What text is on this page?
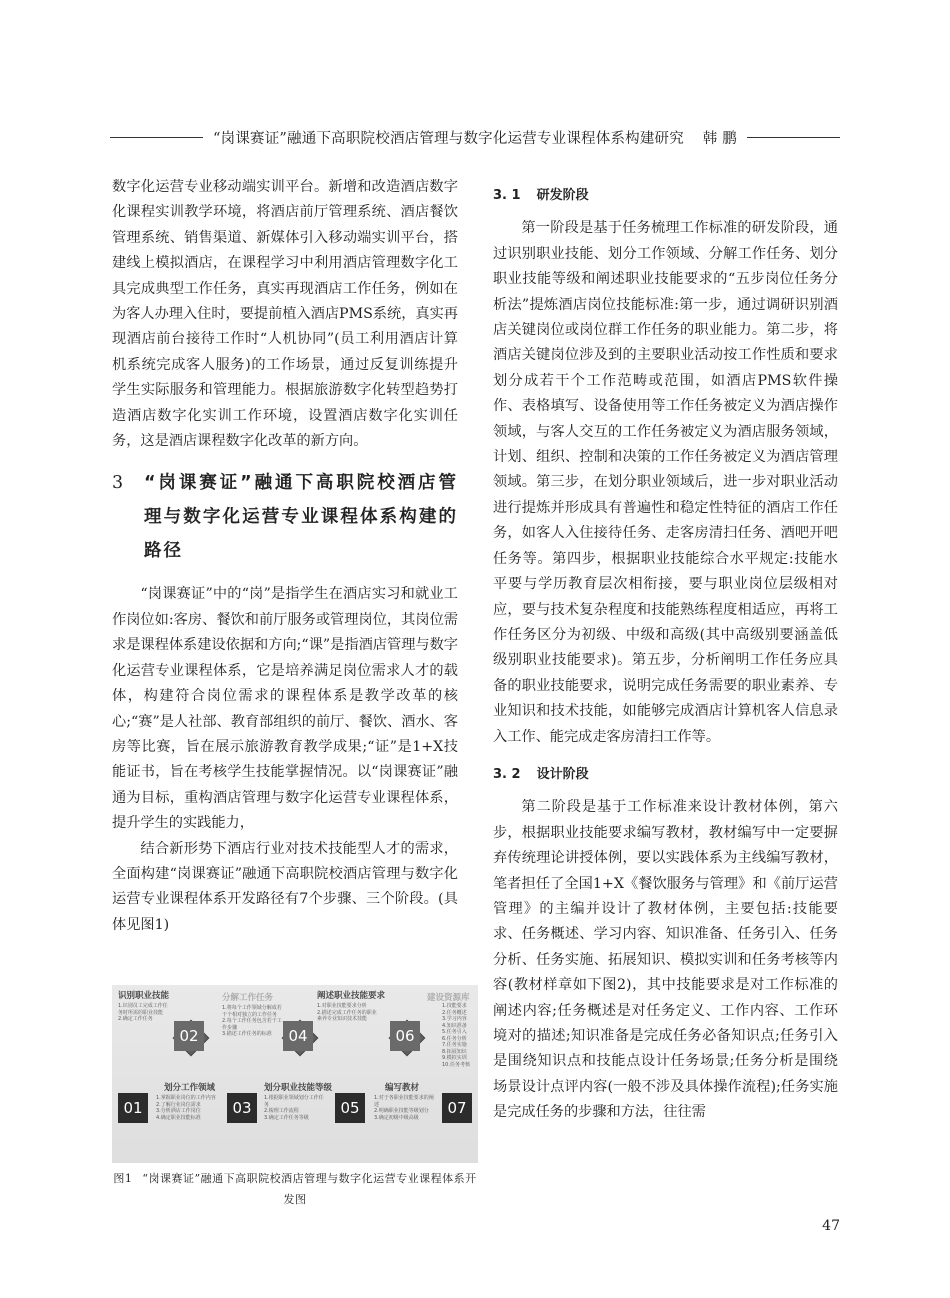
“岗课赛证”融通下高职院校酒店管理与数字化运营专业课程体系构建研究 韩 鹏

数字化运营专业移动端实训平台。新增和改造酒店数字化课程实训教学环境，将酒店前厅管理系统、酒店餐饮管理系统、销售渠道、新媒体引入移动端实训平台，搭建线上模拟酒店，在课程学习中利用酒店管理数字化工具完成典型工作任务，真实再现酒店工作任务，例如在为客人办理入住时，要提前植入酒店PMS系统，真实再现酒店前台接待工作时“人机协同”(员工利用酒店计算机系统完成客人服务)的工作场景，通过反复训练提升学生实际服务和管理能力。根据旅游数字化转型趋势打造酒店数字化实训工作环境，设置酒店数字化实训任务，这是酒店课程数字化改革的新方向。

3	“岗课赛证”融通下高职院校酒店管理与数字化运营专业课程体系构建的路径

“岗课赛证”中的“岗”是指学生在酒店实习和就业工作岗位如:客房、餐饮和前厅服务或管理岗位，其岗位需求是课程体系建设依据和方向;“课”是指酒店管理与数字化运营专业课程体系，它是培养满足岗位需求人才的载体，构建符合岗位需求的课程体系是教学改革的核心;“赛”是人社部、教育部组织的前厅、餐饮、酒水、客房等比赛，旨在展示旅游教育教学成果;“证”是1+X技能证书，旨在考核学生技能掌握情况。以“岗课赛证”融通为目标，重构酒店管理与数字化运营专业课程体系，提升学生的实践能力，

结合新形势下酒店行业对技术技能型人才的需求，全面构建“岗课赛证”融通下高职院校酒店管理与数字化运营专业课程体系开发路径有7个步骤、三个阶段。(具体见图1)

识别职业技能	分解工作任务	阐述职业技能要求	建设资源库
1.识别员工完成工作任务时所需的职业技能
2.确定工作任务
1.将每个工作领域分解成若干个相对独立的工作任务
2.每个工作任务包含若干工作步骤
3.描述工作任务的标准
1.对职业技能要求分析
2.描述完成工作任务的职业素养专业知识技术技能
1.技能要求
2.任务概述
3.学习内容
4.知识准备
5.任务引入
6.任务分析
7.任务实施
8.拓展知识
9.模拟实训
10.任务考核
02	04	06
划分工作领域	划分职业技能等级	编写教材
01	03	05	07
1.掌握职业岗位的工作内容
2.了解行业岗位需求
3.分析酒店工作岗位
4.确定职业技能标准
1.根据职业领域划分工作任务
2.梳理工作流程
3.确定工作任务等级
1.对于各职业技能要求的阐述
2.明确职业技能等级划分
3.确定初级中级高级
图1 “岗课赛证”融通下高职院校酒店管理与数字化运营专业课程体系开发图
3. 1 研发阶段

第一阶段是基于任务梳理工作标准的研发阶段，通过识别职业技能、划分工作领域、分解工作任务、划分职业技能等级和阐述职业技能要求的“五步岗位任务分析法”提炼酒店岗位技能标准:第一步，通过调研识别酒店关键岗位或岗位群工作任务的职业能力。第二步，将酒店关键岗位涉及到的主要职业活动按工作性质和要求划分成若干个工作范畴或范围，如酒店PMS软件操作、表格填写、设备使用等工作任务被定义为酒店操作领域，与客人交互的工作任务被定义为酒店服务领域，计划、组织、控制和决策的工作任务被定义为酒店管理领域。第三步，在划分职业领域后，进一步对职业活动进行提炼并形成具有普遍性和稳定性特征的酒店工作任务，如客人入住接待任务、走客房清扫任务、酒吧开吧任务等。第四步，根据职业技能综合水平规定:技能水平要与学历教育层次相衔接，要与职业岗位层级相对应，要与技术复杂程度和技能熟练程度相适应，再将工作任务区分为初级、中级和高级(其中高级别要涵盖低级别职业技能要求)。第五步，分析阐明工作任务应具备的职业技能要求，说明完成任务需要的职业素养、专业知识和技术技能，如能够完成酒店计算机客人信息录入工作、能完成走客房清扫工作等。

3. 2 设计阶段

第二阶段是基于工作标准来设计教材体例，第六步，根据职业技能要求编写教材，教材编写中一定要摒弃传统理论讲授体例，要以实践体系为主线编写教材，笔者担任了全国1+X《餐饮服务与管理》和《前厅运营管理》的主编并设计了教材体例，主要包括:技能要求、任务概述、学习内容、知识准备、任务引入、任务分析、任务实施、拓展知识、模拟实训和任务考核等内容(教材样章如下图2)，其中技能要求是对工作标准的阐述内容;任务概述是对任务定义、工作内容、工作环境对的描述;知识准备是完成任务必备知识点;任务引入是围绕知识点和技能点设计任务场景;任务分析是围绕场景设计点评内容(一般不涉及具体操作流程);任务实施是完成任务的步骤和方法，往往需

47
